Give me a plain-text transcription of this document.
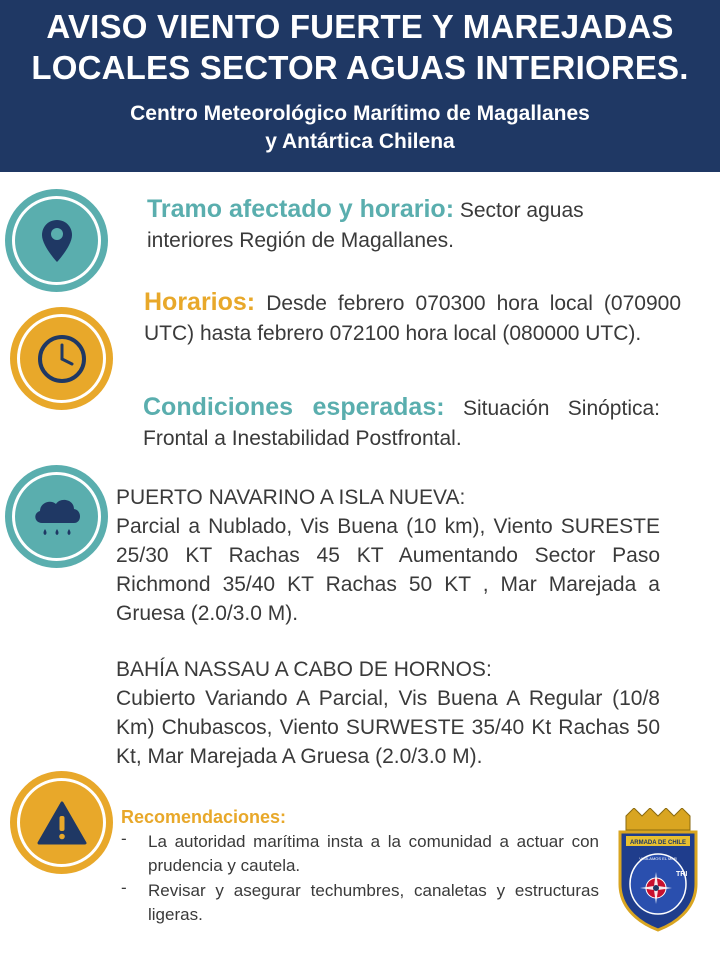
AVISO VIENTO FUERTE Y MAREJADAS
LOCALES SECTOR AGUAS INTERIORES.
Centro Meteorológico Marítimo de Magallanes
y Antártica Chilena
Tramo afectado y horario: Sector aguas interiores Región de Magallanes.
Horarios: Desde febrero 070300 hora local (070900 UTC) hasta febrero 072100 hora local (080000 UTC).
Condiciones esperadas: Situación Sinóptica: Frontal a Inestabilidad Postfrontal.

PUERTO NAVARINO A ISLA NUEVA:

Parcial a Nublado, Vis Buena (10 km), Viento SURESTE 25/30 KT Rachas 45 KT Aumentando Sector Paso Richmond 35/40 KT Rachas 50 KT , Mar Marejada a Gruesa (2.0/3.0 M).

BAHÍA NASSAU A CABO DE HORNOS:

Cubierto Variando A Parcial, Vis Buena A Regular (10/8 Km) Chubascos, Viento SURWESTE 35/40 Kt Rachas 50 Kt, Mar Marejada A Gruesa (2.0/3.0 M).

Recomendaciones:
- La autoridad marítima insta a la comunidad a actuar con prudencia y cautela.
- Revisar y asegurar techumbres, canaletas y estructuras ligeras.
ARMADA DE CHILE
VIGILAMOS EL MAR
TRI
